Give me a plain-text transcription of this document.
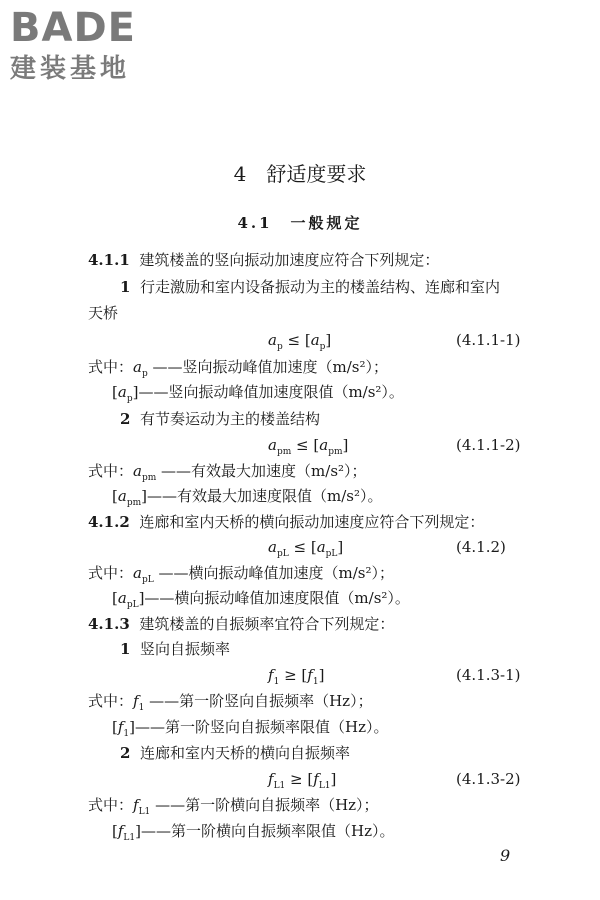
BADE
建装基地
4　舒适度要求
4.1　一般规定
4.1.1 建筑楼盖的竖向振动加速度应符合下列规定：
1 行走激励和室内设备振动为主的楼盖结构、连廊和室内
天桥
$a_p \le [a_p]$	(4.1.1-1)
式中：$a_p$ ——竖向振动峰值加速度（m/s²）；
$[a_p]——$竖向振动峰值加速度限值（m/s²）。
2 有节奏运动为主的楼盖结构
$a_{pm} \le [a_{pm}]$	(4.1.1-2)
式中：$a_{pm}$ ——有效最大加速度（m/s²）；
$[a_{pm}]——$有效最大加速度限值（m/s²）。
4.1.2 连廊和室内天桥的横向振动加速度应符合下列规定：
$a_{pL} \le [a_{pL}]$	(4.1.2)
式中：$a_{pL}$ ——横向振动峰值加速度（m/s²）；
$[a_{pL}]——$横向振动峰值加速度限值（m/s²）。
4.1.3 建筑楼盖的自振频率宜符合下列规定：
1 竖向自振频率
$f_1 \ge [f_1]$	(4.1.3-1)
式中：$f_1$ ——第一阶竖向自振频率（Hz）；
$[f_1]——$第一阶竖向自振频率限值（Hz）。
2 连廊和室内天桥的横向自振频率
$f_{L1} \ge [f_{L1}]$	(4.1.3-2)
式中：$f_{L1}$ ——第一阶横向自振频率（Hz）；
$[f_{L1}]——$第一阶横向自振频率限值（Hz）。
9
